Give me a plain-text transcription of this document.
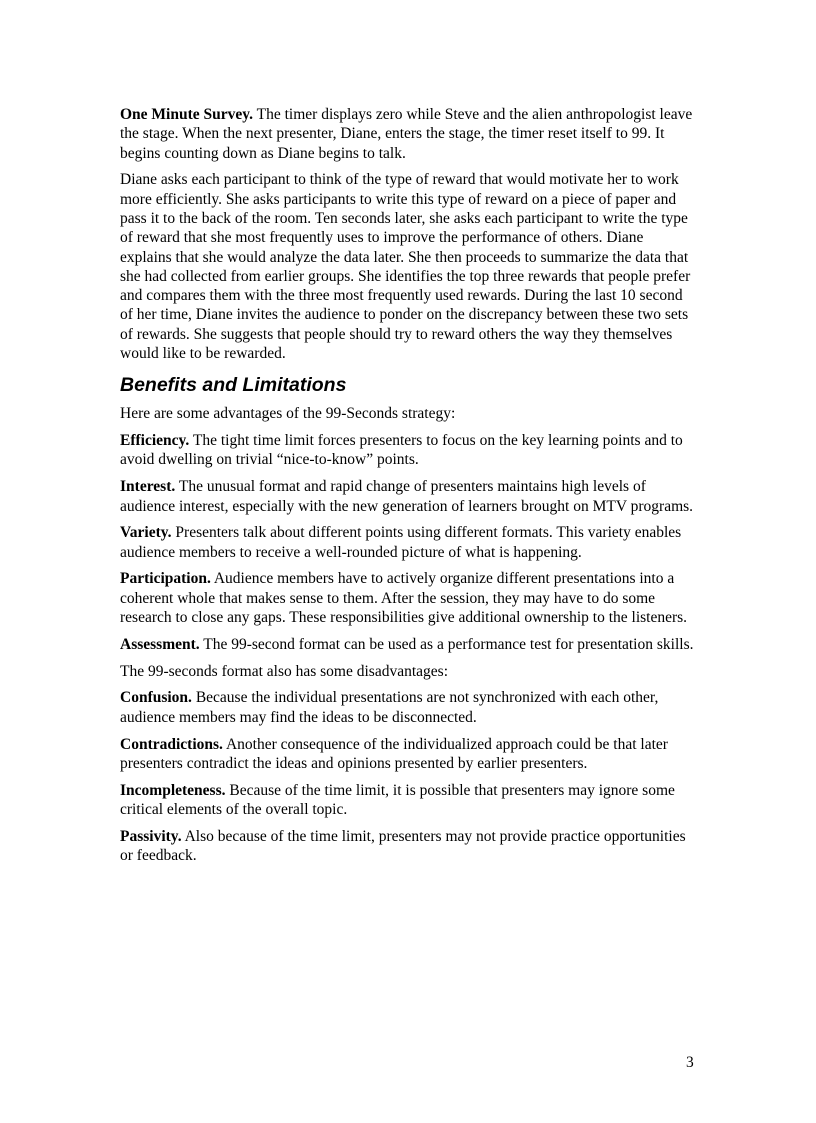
One Minute Survey. The timer displays zero while Steve and the alien anthropologist leave the stage. When the next presenter, Diane, enters the stage, the timer reset itself to 99. It begins counting down as Diane begins to talk.

Diane asks each participant to think of the type of reward that would motivate her to work more efficiently. She asks participants to write this type of reward on a piece of paper and pass it to the back of the room. Ten seconds later, she asks each participant to write the type of reward that she most frequently uses to improve the performance of others. Diane explains that she would analyze the data later. She then proceeds to summarize the data that she had collected from earlier groups. She identifies the top three rewards that people prefer and compares them with the three most frequently used rewards. During the last 10 second of her time, Diane invites the audience to ponder on the discrepancy between these two sets of rewards. She suggests that people should try to reward others the way they themselves would like to be rewarded.

Benefits and Limitations

Here are some advantages of the 99-Seconds strategy:

Efficiency. The tight time limit forces presenters to focus on the key learning points and to avoid dwelling on trivial “nice-to-know” points.

Interest. The unusual format and rapid change of presenters maintains high levels of audience interest, especially with the new generation of learners brought on MTV programs.

Variety. Presenters talk about different points using different formats. This variety enables audience members to receive a well-rounded picture of what is happening.

Participation. Audience members have to actively organize different presentations into a coherent whole that makes sense to them. After the session, they may have to do some research to close any gaps. These responsibilities give additional ownership to the listeners.

Assessment. The 99-second format can be used as a performance test for presentation skills.

The 99-seconds format also has some disadvantages:

Confusion. Because the individual presentations are not synchronized with each other, audience members may find the ideas to be disconnected.

Contradictions. Another consequence of the individualized approach could be that later presenters contradict the ideas and opinions presented by earlier presenters.

Incompleteness. Because of the time limit, it is possible that presenters may ignore some critical elements of the overall topic.

Passivity. Also because of the time limit, presenters may not provide practice opportunities or feedback.

3
